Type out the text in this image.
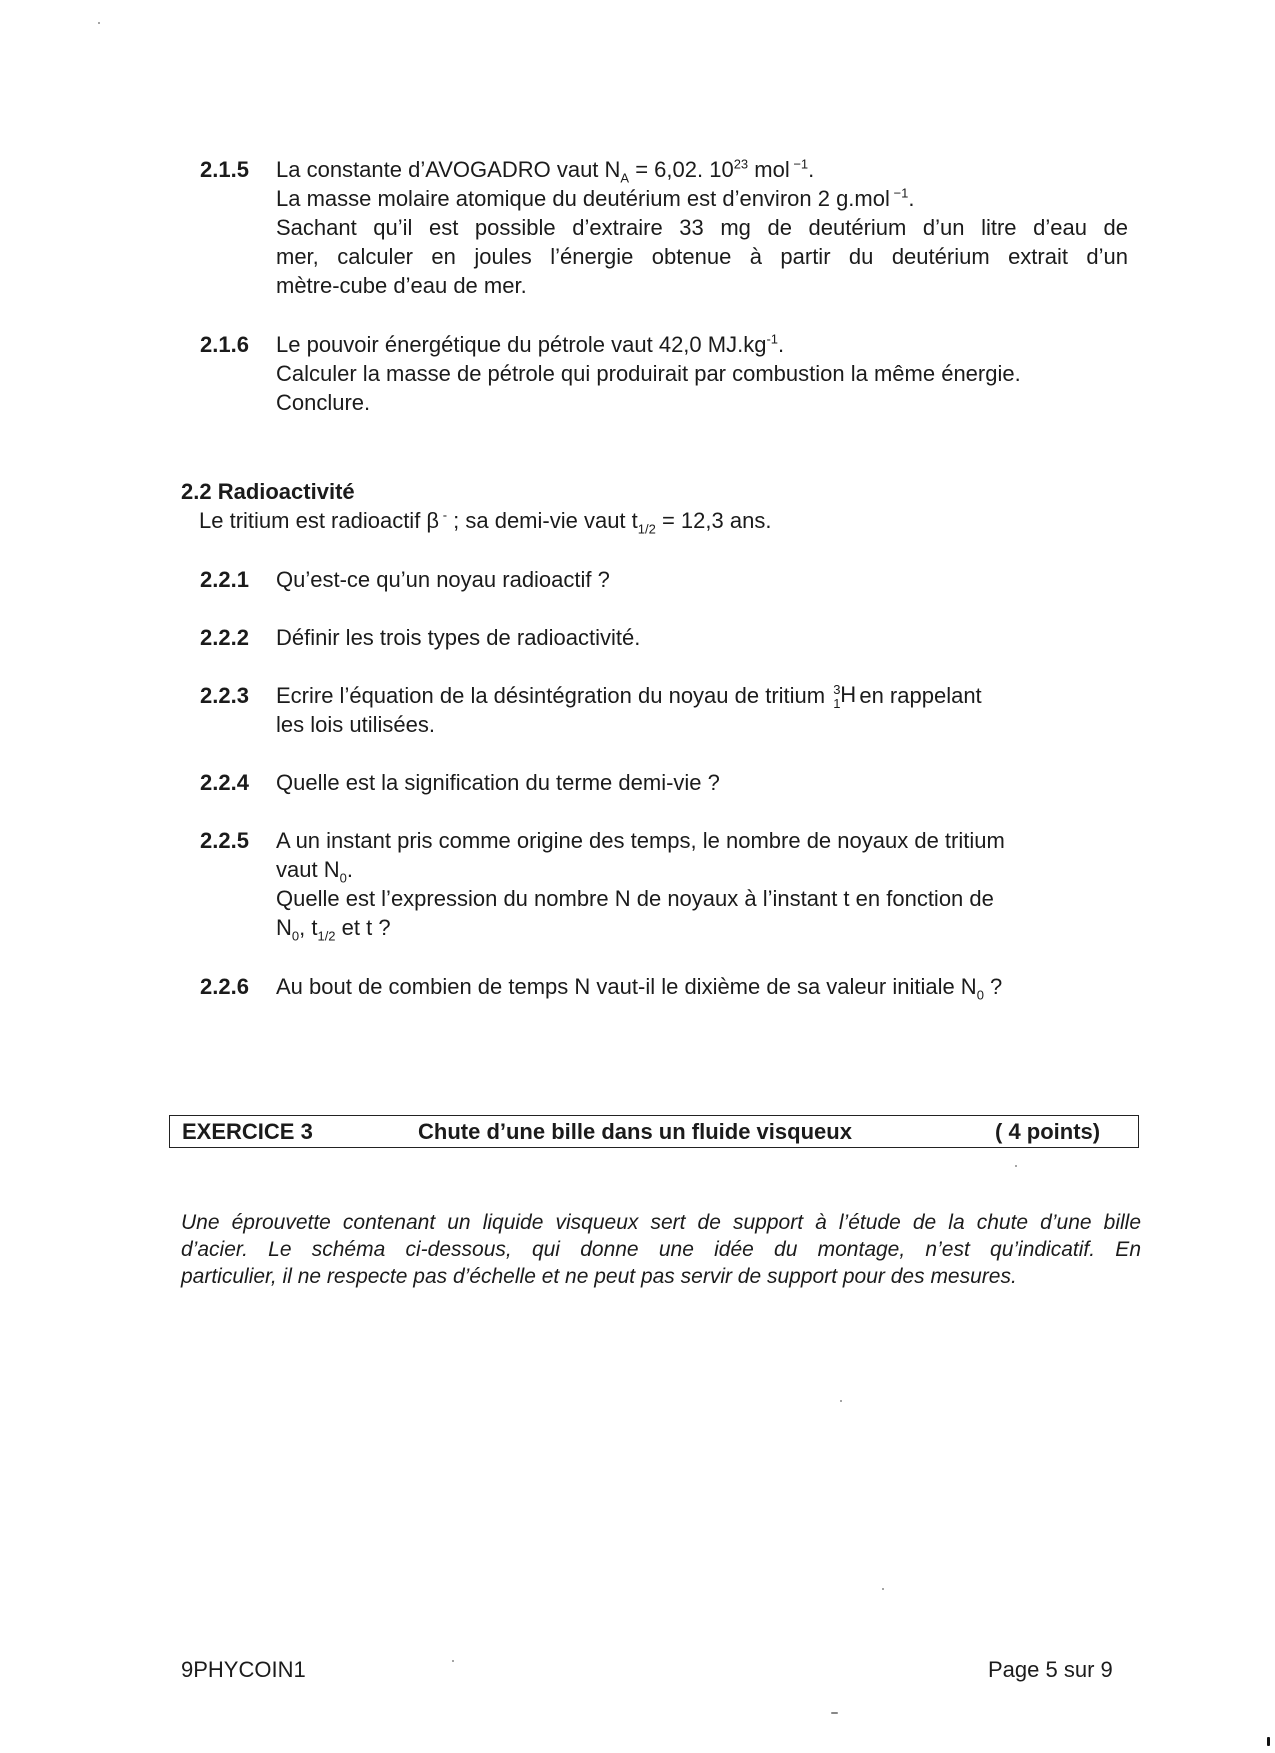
2.1.5 La constante d’AVOGADRO vaut $N_A = 6,02$. $10^{23}$ mol $^{-1}$.
La masse molaire atomique du deutérium est d’environ 2 g.mol $^{-1}$.
Sachant qu’il est possible d’extraire 33 mg de deutérium d’un litre d’eau de
mer, calculer en joules l’énergie obtenue à partir du deutérium extrait d’un
mètre-cube d’eau de mer.
2.1.6 Le pouvoir énergétique du pétrole vaut 42,0 $MJ.kg^{-1}$.
Calculer la masse de pétrole qui produirait par combustion la même énergie.
Conclure.
2.2 Radioactivité
Le tritium est radioactif β - ; sa demi-vie vaut $t_{1/2} = 12,3$ ans.
2.2.1 Qu’est-ce qu’un noyau radioactif ?
2.2.2 Définir les trois types de radioactivité.
2.2.3 Ecrire l’équation de la désintégration du noyau de tritium 3
1 H
en rappelant
les lois utilisées.
2.2.4 Quelle est la signification du terme demi-vie ?
2.2.5 A un instant pris comme origine des temps, le nombre de noyaux de tritium
vaut $N_0$.
Quelle est l’expression du nombre N de noyaux à l’instant t en fonction de
$N_0$, $t_{1/2}$ et t ?
2.2.6 Au bout de combien de temps N vaut-il le dixième de sa valeur initiale $N_0$ ?
EXERCICE 3	Chute d’une bille dans un fluide visqueux	( 4 points)
Une éprouvette contenant un liquide visqueux sert de support à l’étude de la chute d’une bille
d’acier. Le schéma ci-dessous, qui donne une idée du montage, n’est qu’indicatif. En
particulier, il ne respecte pas d’échelle et ne peut pas servir de support pour des mesures.
9PHYCOIN1	Page 5 sur 9
